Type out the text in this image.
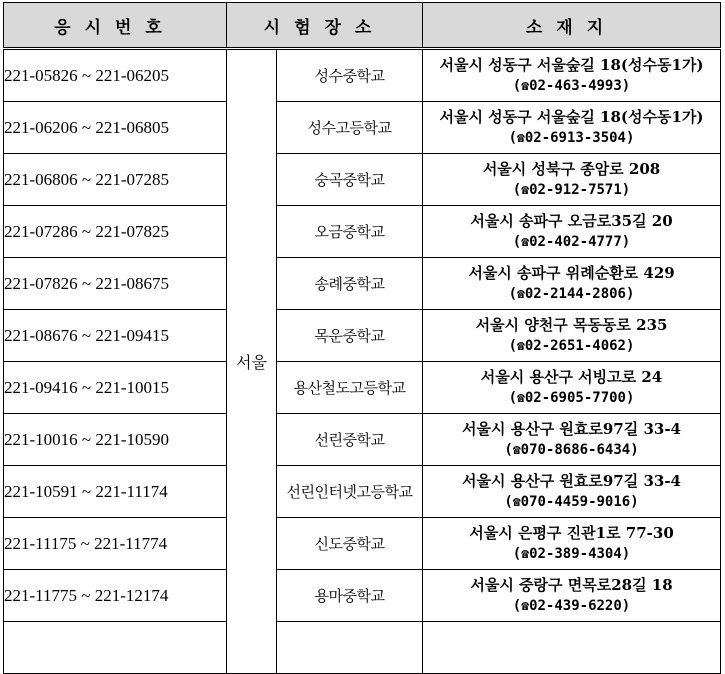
응시번호	시험장소		소재지
221-05826 ~ 221-06205	서울	성수중학교	서울시 성동구 서울숲길 18(성수동1가)
(☎02-463-4993)

221-06206 ~ 221-06805		성수고등학교	서울시 성동구 서울숲길 18(성수동1가)
(☎02-6913-3504)

221-06806 ~ 221-07285		숭곡중학교	서울시 성북구 종암로 208
(☎02-912-7571)

221-07286 ~ 221-07825		오금중학교	서울시 송파구 오금로35길 20
(☎02-402-4777)

221-07826 ~ 221-08675		송례중학교	서울시 송파구 위례순환로 429
(☎02-2144-2806)

221-08676 ~ 221-09415		목운중학교	서울시 양천구 목동동로 235
(☎02-2651-4062)

221-09416 ~ 221-10015		용산철도고등학교	서울시 용산구 서빙고로 24
(☎02-6905-7700)

221-10016 ~ 221-10590		선린중학교	서울시 용산구 원효로97길 33-4
(☎070-8686-6434)

221-10591 ~ 221-11174		선린인터넷고등학교	서울시 용산구 원효로97길 33-4
(☎070-4459-9016)

221-11175 ~ 221-11774		신도중학교	서울시 은평구 진관1로 77-30
(☎02-389-4304)

221-11775 ~ 221-12174		용마중학교	서울시 중랑구 면목로28길 18
(☎02-439-6220)
